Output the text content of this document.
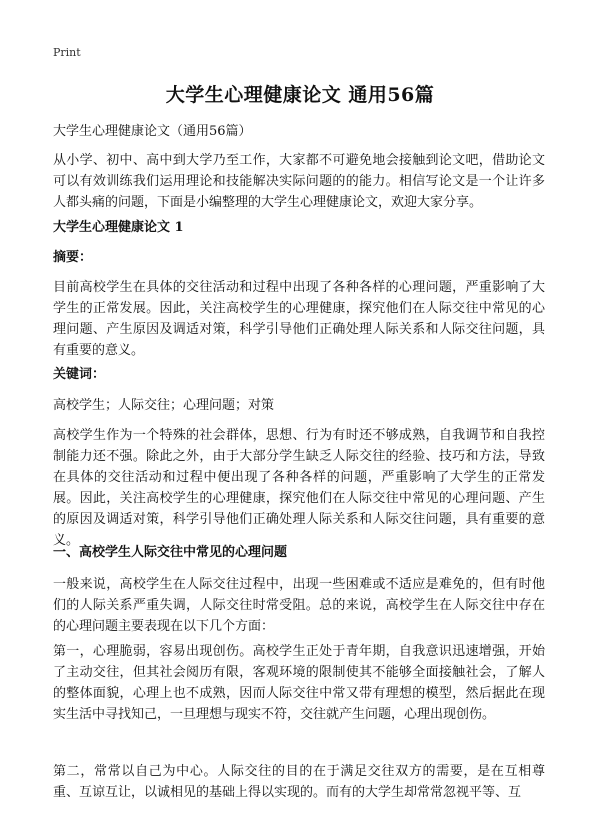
Print
大学生心理健康论文 通用56篇
大学生心理健康论文（通用56篇）
从小学、初中、高中到大学乃至工作，大家都不可避免地会接触到论文吧，借助论文可以有效训练我们运用理论和技能解决实际问题的的能力。相信写论文是一个让许多人都头痛的问题，下面是小编整理的大学生心理健康论文，欢迎大家分享。
大学生心理健康论文 1
摘要：
目前高校学生在具体的交往活动和过程中出现了各种各样的心理问题，严重影响了大学生的正常发展。因此，关注高校学生的心理健康，探究他们在人际交往中常见的心理问题、产生原因及调适对策，科学引导他们正确处理人际关系和人际交往问题，具有重要的意义。
关键词：
高校学生；人际交往；心理问题；对策
高校学生作为一个特殊的社会群体，思想、行为有时还不够成熟，自我调节和自我控制能力还不强。除此之外，由于大部分学生缺乏人际交往的经验、技巧和方法，导致在具体的交往活动和过程中便出现了各种各样的问题，严重影响了大学生的正常发展。因此，关注高校学生的心理健康，探究他们在人际交往中常见的心理问题、产生的原因及调适对策，科学引导他们正确处理人际关系和人际交往问题，具有重要的意义。
一、高校学生人际交往中常见的心理问题
一般来说，高校学生在人际交往过程中，出现一些困难或不适应是难免的，但有时他们的人际关系严重失调，人际交往时常受阻。总的来说，高校学生在人际交往中存在的心理问题主要表现在以下几个方面：
第一，心理脆弱，容易出现创伤。高校学生正处于青年期，自我意识迅速增强，开始了主动交往，但其社会阅历有限，客观环境的限制使其不能够全面接触社会，了解人的整体面貌，心理上也不成熟，因而人际交往中常又带有理想的模型，然后据此在现实生活中寻找知己，一旦理想与现实不符，交往就产生问题，心理出现创伤。
第二，常常以自己为中心。人际交往的目的在于满足交往双方的需要，是在互相尊重、互谅互让，以诚相见的基础上得以实现的。而有的大学生却常常忽视平等、互
